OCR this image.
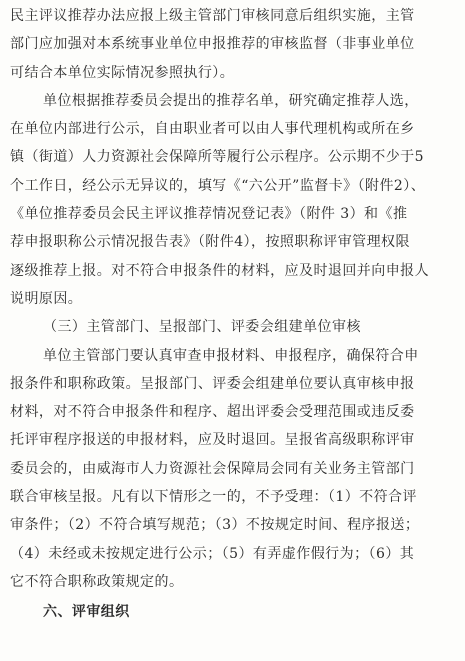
民主评议推荐办法应报上级主管部门审核同意后组织实施，主管
部门应加强对本系统事业单位申报推荐的审核监督（非事业单位
可结合本单位实际情况参照执行）。
单位根据推荐委员会提出的推荐名单，研究确定推荐人选，
在单位内部进行公示，自由职业者可以由人事代理机构或所在乡
镇（街道）人力资源社会保障所等履行公示程序。公示期不少于5
个工作日，经公示无异议的，填写《“六公开”监督卡》（附件2）、
《单位推荐委员会民主评议推荐情况登记表》（附件 3）和《推
荐申报职称公示情况报告表》（附件4），按照职称评审管理权限
逐级推荐上报。对不符合申报条件的材料，应及时退回并向申报人
说明原因。
（三）主管部门、呈报部门、评委会组建单位审核
单位主管部门要认真审查申报材料、申报程序，确保符合申
报条件和职称政策。呈报部门、评委会组建单位要认真审核申报
材料，对不符合申报条件和程序、超出评委会受理范围或违反委
托评审程序报送的申报材料，应及时退回。呈报省高级职称评审
委员会的，由威海市人力资源社会保障局会同有关业务主管部门
联合审核呈报。凡有以下情形之一的，不予受理：（1）不符合评
审条件；（2）不符合填写规范；（3）不按规定时间、程序报送；
（4）未经或未按规定进行公示；（5）有弄虚作假行为；（6）其
它不符合职称政策规定的。
六、评审组织
